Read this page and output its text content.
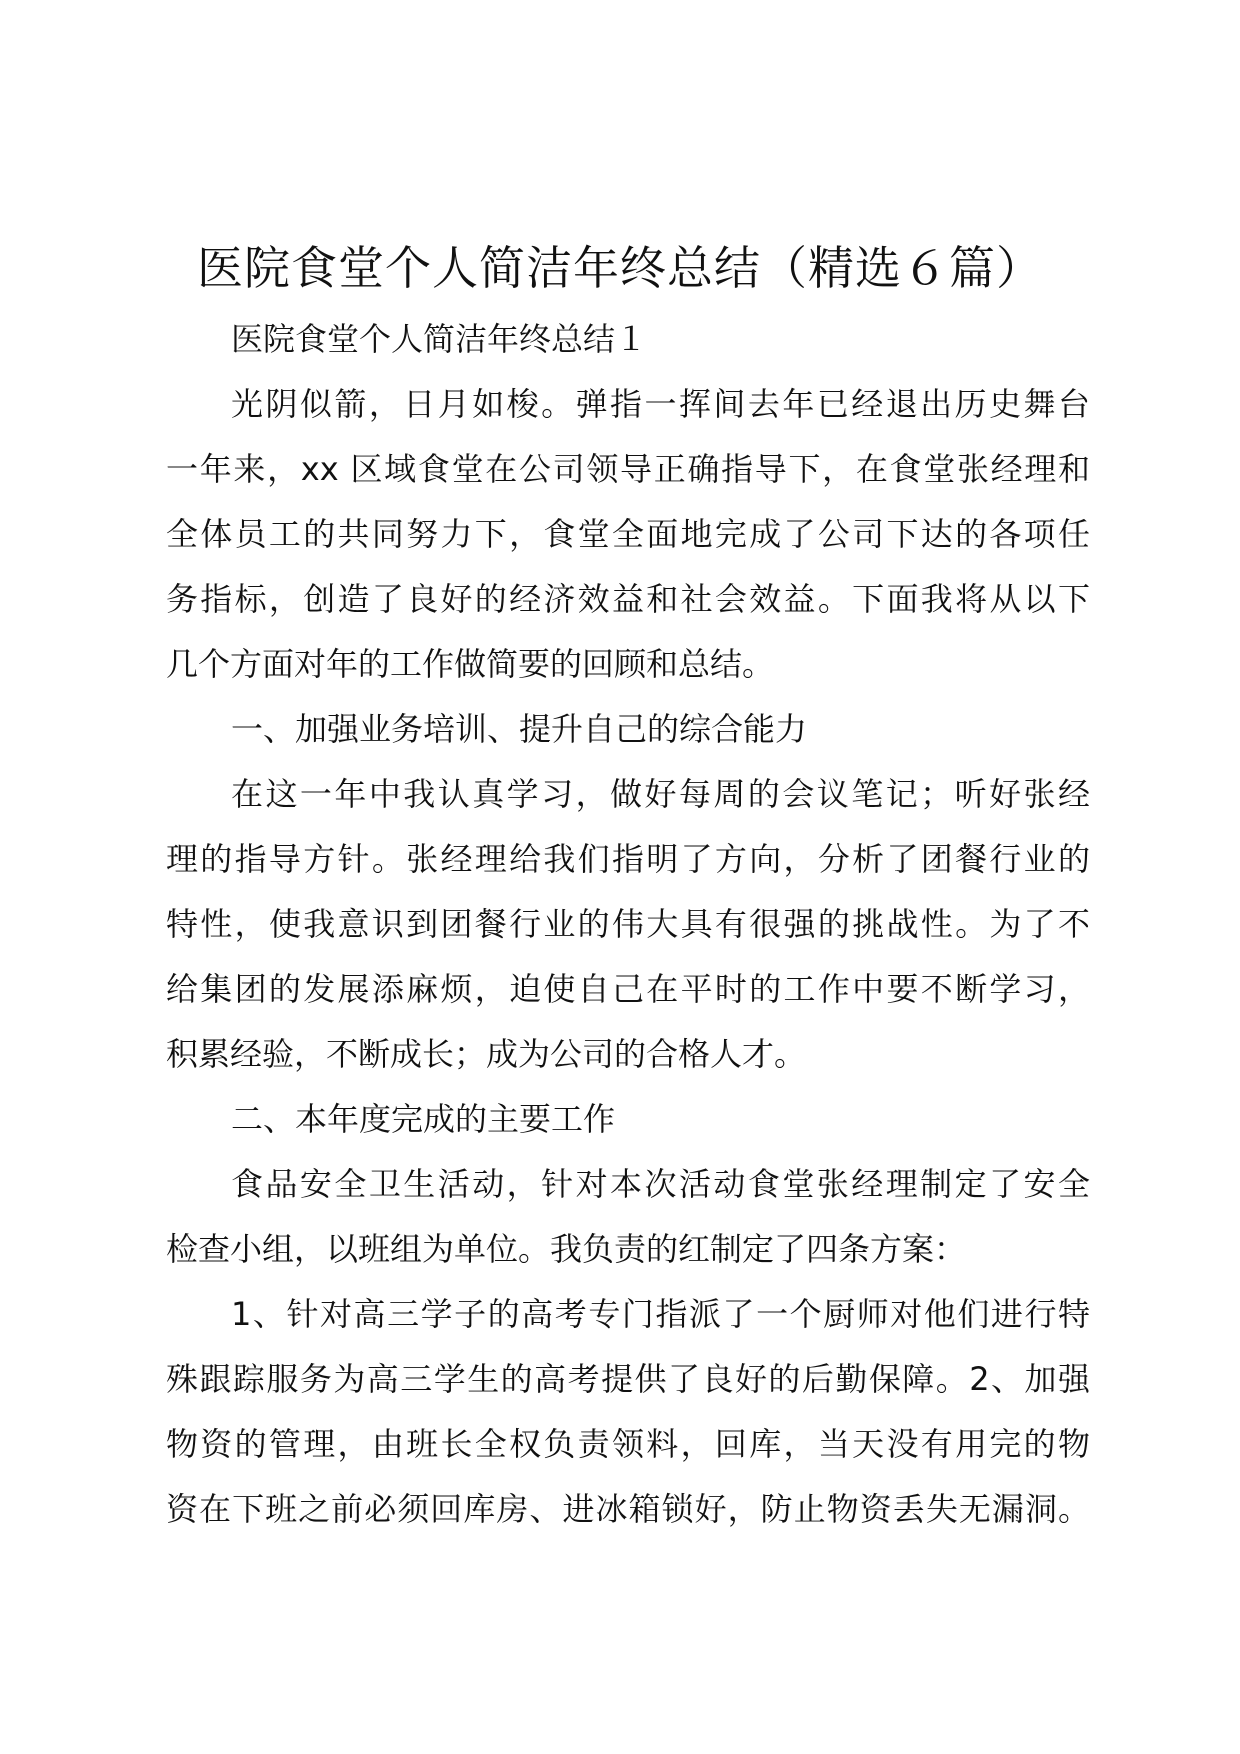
医院食堂个人简洁年终总结（精选６篇）
医院食堂个人简洁年终总结１
光阴似箭，日月如梭。弹指一挥间去年已经退出历史舞台
一年来，xx 区域食堂在公司领导正确指导下，在食堂张经理和
全体员工的共同努力下，食堂全面地完成了公司下达的各项任
务指标，创造了良好的经济效益和社会效益。下面我将从以下
几个方面对年的工作做简要的回顾和总结。
一、加强业务培训、提升自己的综合能力
在这一年中我认真学习，做好每周的会议笔记；听好张经
理的指导方针。张经理给我们指明了方向，分析了团餐行业的
特性，使我意识到团餐行业的伟大具有很强的挑战性。为了不
给集团的发展添麻烦，迫使自己在平时的工作中要不断学习，
积累经验，不断成长；成为公司的合格人才。
二、本年度完成的主要工作
食品安全卫生活动，针对本次活动食堂张经理制定了安全
检查小组，以班组为单位。我负责的红制定了四条方案：
1、针对高三学子的高考专门指派了一个厨师对他们进行特
殊跟踪服务为高三学生的高考提供了良好的后勤保障。2、加强
物资的管理，由班长全权负责领料，回库，当天没有用完的物
资在下班之前必须回库房、进冰箱锁好，防止物资丢失无漏洞。
